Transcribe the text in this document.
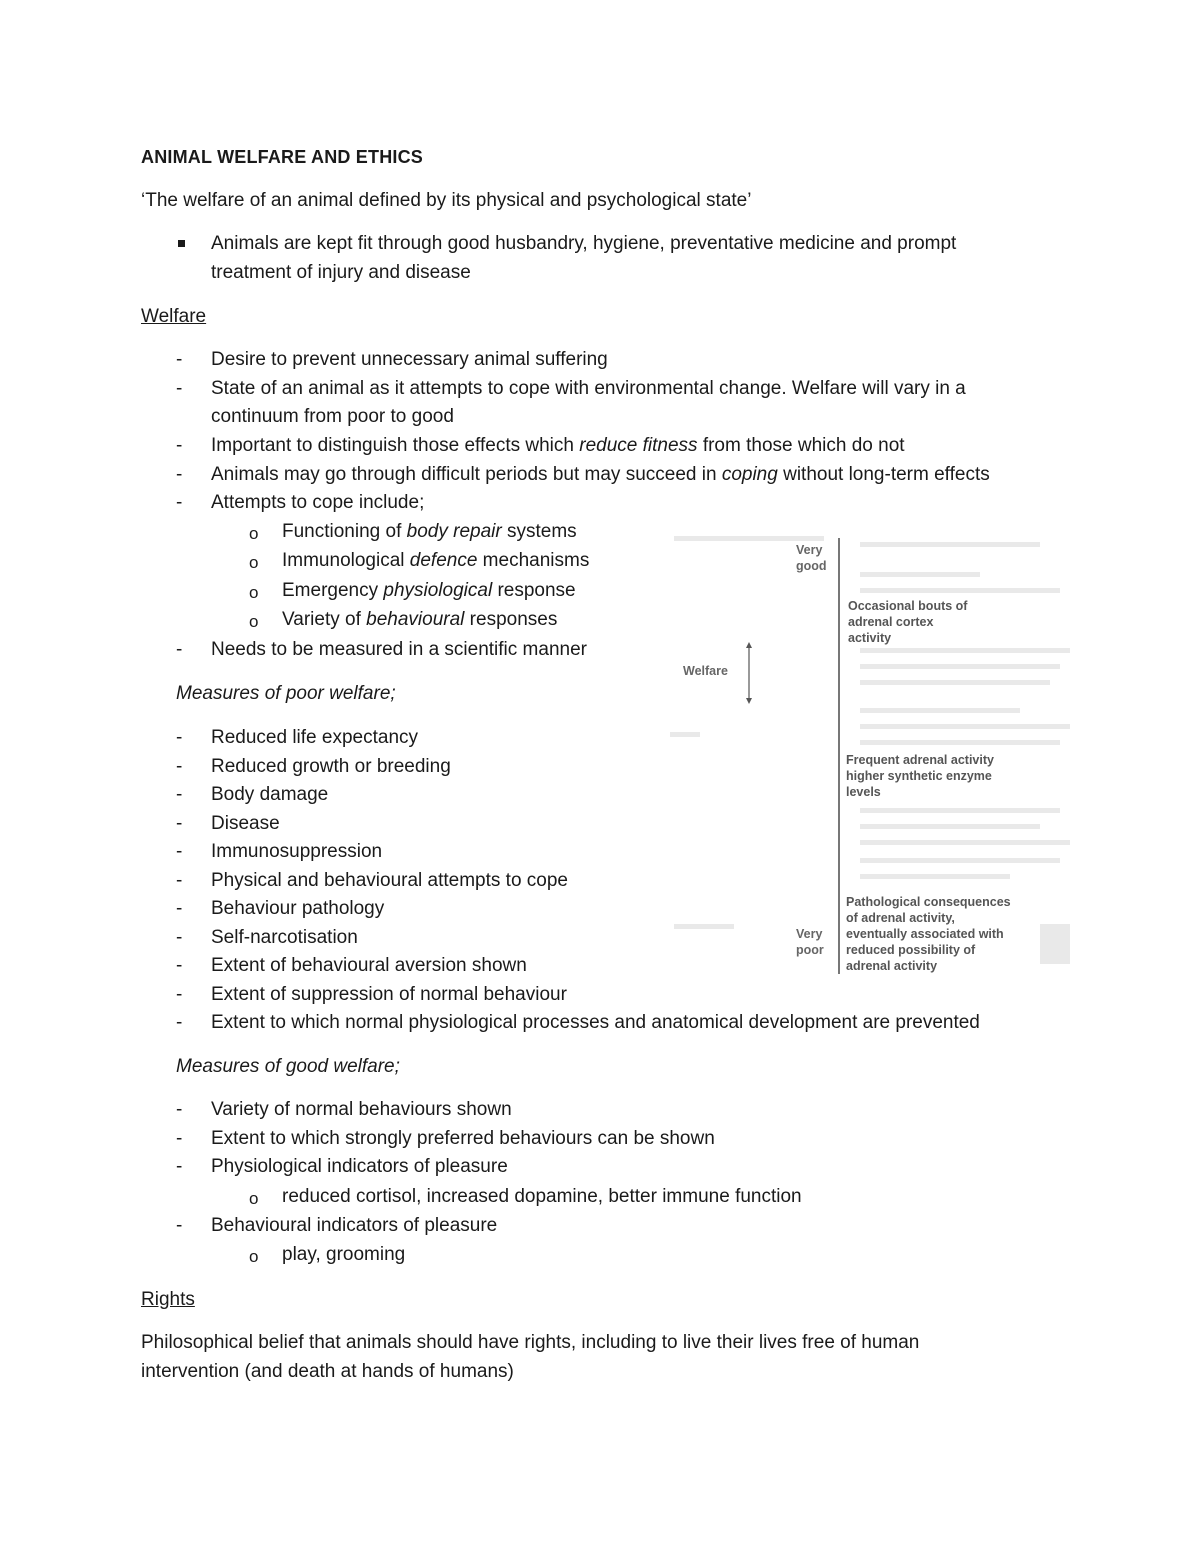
ANIMAL WELFARE AND ETHICS
‘The welfare of an animal defined by its physical and psychological state’
Animals are kept fit through good husbandry, hygiene, preventative medicine and prompt
treatment of injury and disease
Welfare
-	Desire to prevent unnecessary animal suffering
-	State of an animal as it attempts to cope with environmental change. Welfare will vary in a
continuum from poor to good
-	Important to distinguish those effects which reduce fitness from those which do not
-	Animals may go through difficult periods but may succeed in coping without long-term effects
-	Attempts to cope include;
o Functioning of body repair systems
o Immunological defence mechanisms
o Emergency physiological response
o Variety of behavioural responses
-	Needs to be measured in a scientific manner
Measures of poor welfare;
-	Reduced life expectancy
-	Reduced growth or breeding
-	Body damage
-	Disease
-	Immunosuppression
-	Physical and behavioural attempts to cope
-	Behaviour pathology
-	Self-narcotisation
-	Extent of behavioural aversion shown
-	Extent of suppression of normal behaviour
-	Extent to which normal physiological processes and anatomical development are prevented
Measures of good welfare;
-	Variety of normal behaviours shown
-	Extent to which strongly preferred behaviours can be shown
-	Physiological indicators of pleasure
o reduced cortisol, increased dopamine, better immune function
-	Behavioural indicators of pleasure
o play, grooming
Rights
Philosophical belief that animals should have rights, including to live their lives free of human
intervention (and death at hands of humans)
Very
good
Occasional bouts of
adrenal cortex
activity
Welfare
Frequent adrenal activity
higher synthetic enzyme
levels
Pathological consequences
of adrenal activity,
eventually associated with
reduced possibility of
adrenal activity
Very
poor
